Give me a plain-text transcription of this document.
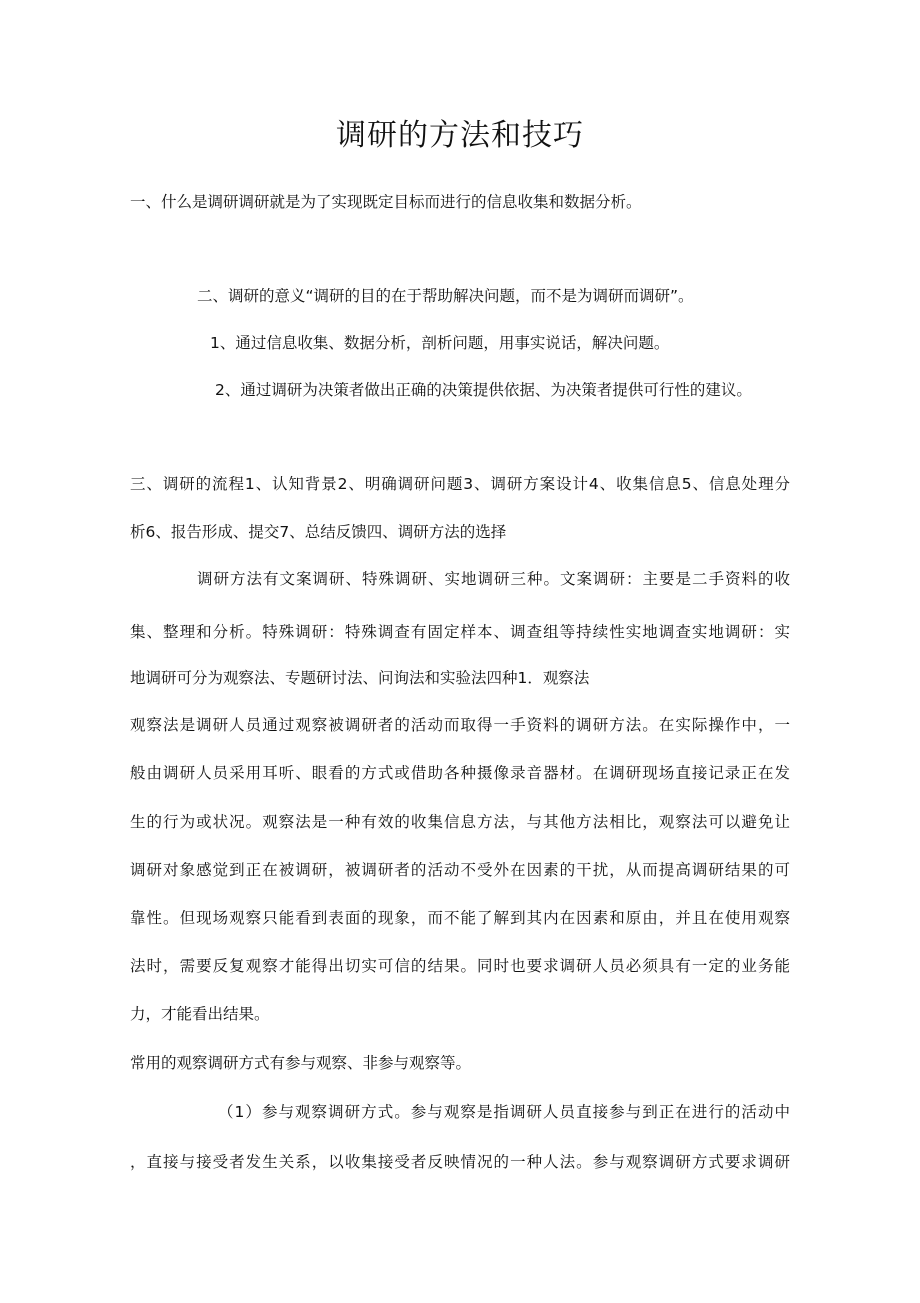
调研的方法和技巧
一、什么是调研调研就是为了实现既定目标而进行的信息收集和数据分析。
二、调研的意义“调研的目的在于帮助解决问题，而不是为调研而调研”。
1、通过信息收集、数据分析，剖析问题，用事实说话，解决问题。
2、通过调研为决策者做出正确的决策提供依据、为决策者提供可行性的建议。
三、调研的流程1、认知背景2、明确调研问题3、调研方案设计4、收集信息5、信息处理分
析6、报告形成、提交7、总结反馈四、调研方法的选择
调研方法有文案调研、特殊调研、实地调研三种。文案调研：主要是二手资料的收
集、整理和分析。特殊调研：特殊调查有固定样本、调查组等持续性实地调查实地调研：实
地调研可分为观察法、专题研讨法、问询法和实验法四种1．观察法
观察法是调研人员通过观察被调研者的活动而取得一手资料的调研方法。在实际操作中，一
般由调研人员采用耳听、眼看的方式或借助各种摄像录音器材。在调研现场直接记录正在发
生的行为或状况。观察法是一种有效的收集信息方法，与其他方法相比，观察法可以避免让
调研对象感觉到正在被调研，被调研者的活动不受外在因素的干扰，从而提高调研结果的可
靠性。但现场观察只能看到表面的现象，而不能了解到其内在因素和原由，并且在使用观察
法时，需要反复观察才能得出切实可信的结果。同时也要求调研人员必须具有一定的业务能
力，才能看出结果。
常用的观察调研方式有参与观察、非参与观察等。
（1）参与观察调研方式。参与观察是指调研人员直接参与到正在进行的活动中
，直接与接受者发生关系，以收集接受者反映情况的一种人法。参与观察调研方式要求调研
